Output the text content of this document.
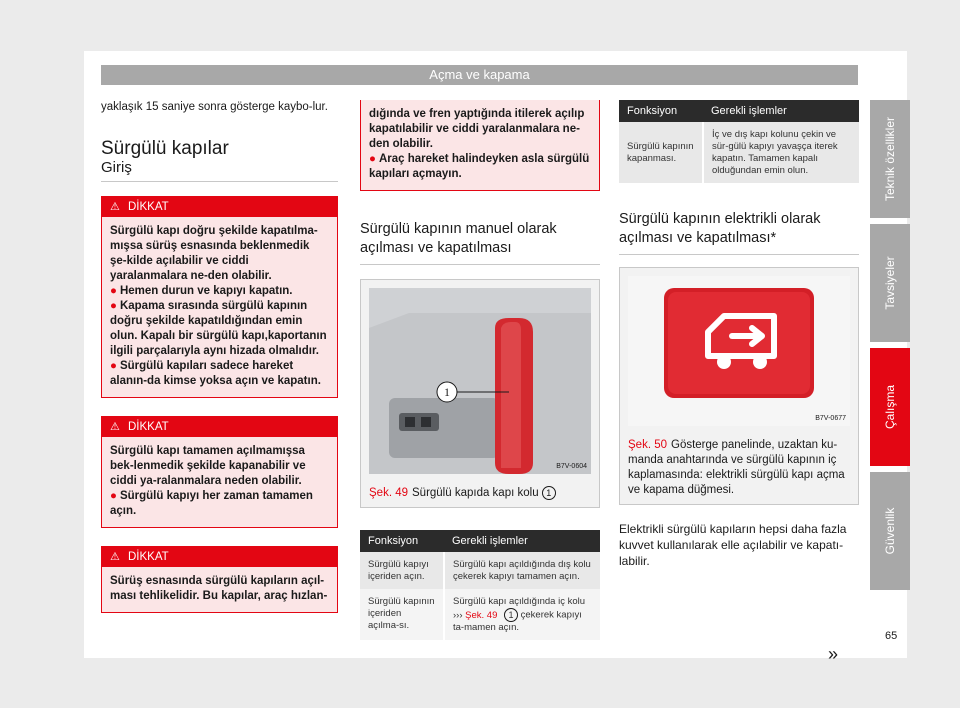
Açma ve kapama

yaklaşık 15 saniye sonra gösterge kaybo-lur.

Sürgülü kapılar
Giriş
⚠ DİKKAT

Sürgülü kapı doğru şekilde kapatılma-mışsa sürüş esnasında beklenmedik şe-kilde açılabilir ve ciddi yaralanmalara ne-den olabilir.

● Hemen durun ve kapıyı kapatın.

● Kapama sırasında sürgülü kapının doğru şekilde kapatıldığından emin olun. Kapalı bir sürgülü kapı,kaportanın ilgili parçalarıyla aynı hizada olmalıdır.

● Sürgülü kapıları sadece hareket alanın-da kimse yoksa açın ve kapatın.

⚠ DİKKAT

Sürgülü kapı tamamen açılmamışsa bek-lenmedik şekilde kapanabilir ve ciddi ya-ralanmalara neden olabilir.

● Sürgülü kapıyı her zaman tamamen açın.

⚠ DİKKAT

Sürüş esnasında sürgülü kapıların açıl-ması tehlikelidir. Bu kapılar, araç hızlan-

dığında ve fren yaptığında itilerek açılıp kapatılabilir ve ciddi yaralanmalara ne-den olabilir.

● Araç hareket halindeyken asla sürgülü kapıları açmayın.

Sürgülü kapının manuel olarak açılması ve kapatılması
1
B7V-0604
Şek. 49 Sürgülü kapıda kapı kolu 1
Fonksiyon	Gerekli işlemler
Sürgülü kapıyı içeriden açın.	Sürgülü kapı açıldığında dış kolu çekerek kapıyı tamamen açın.
Sürgülü kapının içeriden açılma-sı.	Sürgülü kapı açıldığında iç kolu
››› Şek. 49 1 çekerek kapıyı ta-mamen açın.
Fonksiyon	Gerekli işlemler
Sürgülü kapının kapanması.	İç ve dış kapı kolunu çekin ve sür-gülü kapıyı yavaşça iterek kapatın. Tamamen kapalı olduğundan emin olun.
Sürgülü kapının elektrikli olarak açılması ve kapatılması*
B7V-0677
Şek. 50 Gösterge panelinde, uzaktan ku-manda anahtarında ve sürgülü kapının iç kaplamasında: elektrikli sürgülü kapı açma ve kapama düğmesi.

Elektrikli sürgülü kapıların hepsi daha fazla kuvvet kullanılarak elle açılabilir ve kapatı-labilir.

»
Teknik özellikler
Tavsiyeler
Çalışma
Güvenlik
65
